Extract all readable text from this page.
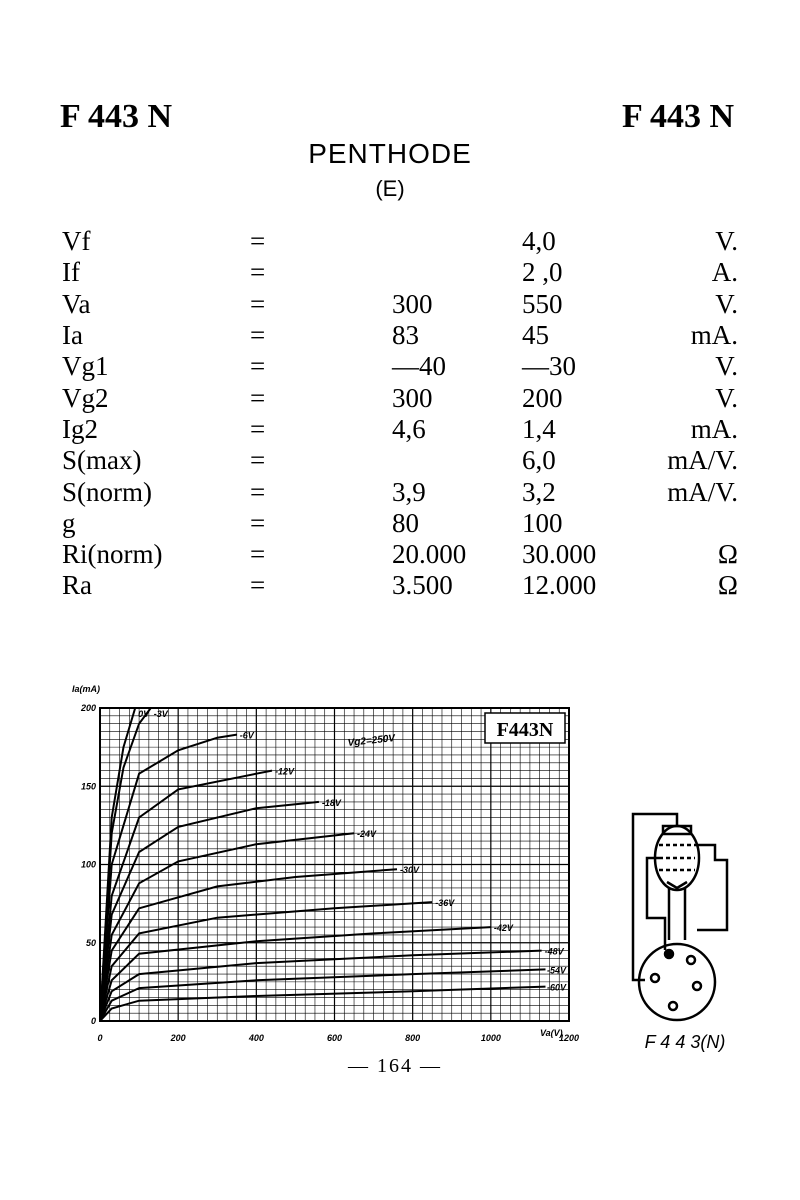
F 443 N	F 443 N
PENTHODE
(E)
Vf	=		4,0	V.
If	=		2 ,0	A.
Va	=	300	550	V.
Ia	=	83	45	mA.
Vg1	=	—40	—30	V.
Vg2	=	300	200	V.
Ig2	=	4,6	1,4	mA.
S(max)	=		6,0	mA/V.
S(norm)	=	3,9	3,2	mA/V.
g	=	80	100	
Ri(norm)	=	20.000	30.000	Ω
Ra	=	3.500	12.000	Ω
0V -3V
-6V
-12V
-18V
-24V
-30V
-36V
-42V
-48V
-54V
-60V
0	200	400	600	800	1000	1200
0
50
100
150
200
F443N
Ia(mA)
Va(V)
Vg2=250V
F 4 4 3(N)
— 164 —
